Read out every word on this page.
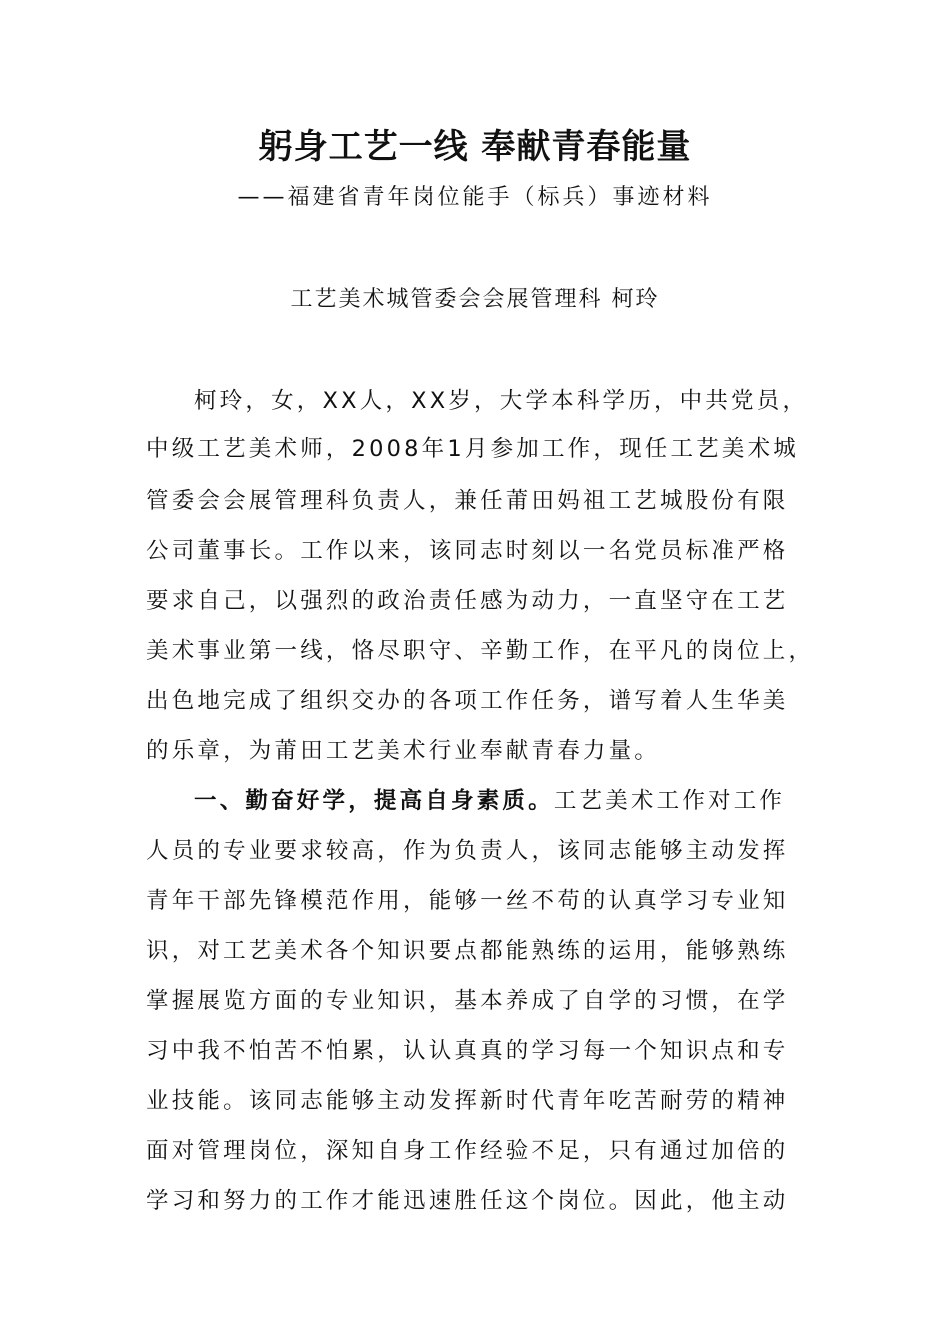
躬身工艺一线 奉献青春能量
——福建省青年岗位能手（标兵）事迹材料
工艺美术城管委会会展管理科 柯玲
柯玲，女，XX人，XX岁，大学本科学历，中共党员，
中级工艺美术师，2008年1月参加工作，现任工艺美术城
管委会会展管理科负责人，兼任莆田妈祖工艺城股份有限
公司董事长。工作以来，该同志时刻以一名党员标准严格
要求自己，以强烈的政治责任感为动力，一直坚守在工艺
美术事业第一线，恪尽职守、辛勤工作，在平凡的岗位上，
出色地完成了组织交办的各项工作任务，谱写着人生华美
的乐章，为莆田工艺美术行业奉献青春力量。
一、勤奋好学，提高自身素质。工艺美术工作对工作
人员的专业要求较高，作为负责人，该同志能够主动发挥
青年干部先锋模范作用，能够一丝不苟的认真学习专业知
识，对工艺美术各个知识要点都能熟练的运用，能够熟练
掌握展览方面的专业知识，基本养成了自学的习惯，在学
习中我不怕苦不怕累，认认真真的学习每一个知识点和专
业技能。该同志能够主动发挥新时代青年吃苦耐劳的精神
面对管理岗位，深知自身工作经验不足，只有通过加倍的
学习和努力的工作才能迅速胜任这个岗位。因此，他主动
